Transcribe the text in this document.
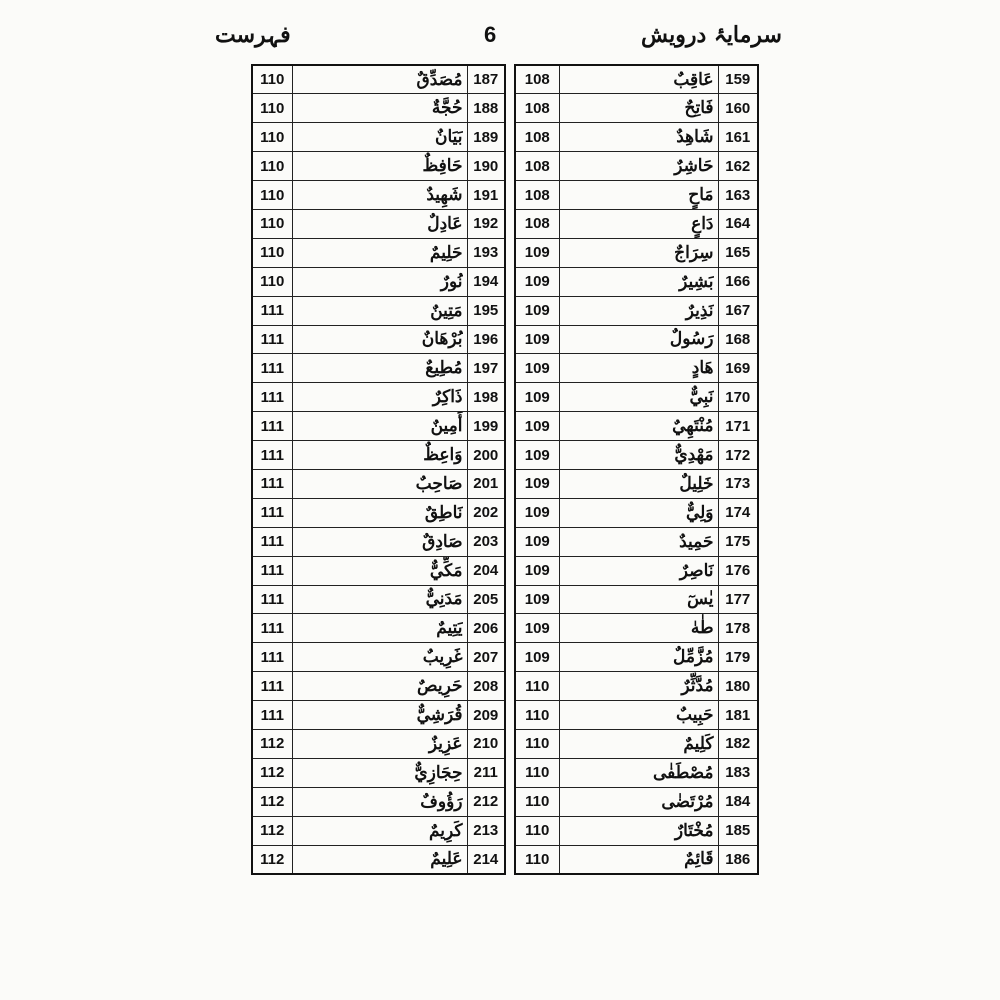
فہرست	6	سرمایۂ درویش
110	مُصَدِّقٌ	187
110	حُجَّةٌ	188
110	بَيَانٌ	189
110	حَافِظٌ	190
110	شَهِيدٌ	191
110	عَادِلٌ	192
110	حَلِيمٌ	193
110	نُورٌ	194
111	مَتِينٌ	195
111	بُرْهَانٌ	196
111	مُطِيعٌ	197
111	ذَاكِرٌ	198
111	أَمِينٌ	199
111	وَاعِظٌ	200
111	صَاحِبٌ	201
111	نَاطِقٌ	202
111	صَادِقٌ	203
111	مَكِّيٌّ	204
111	مَدَنِيٌّ	205
111	يَتِيمٌ	206
111	غَرِيبٌ	207
111	حَرِيصٌ	208
111	قُرَشِيٌّ	209
112	عَزِيزٌ	210
112	حِجَازِيٌّ	211
112	رَؤُوفٌ	212
112	كَرِيمٌ	213
112	عَلِيمٌ	214
108	عَاقِبٌ	159
108	فَاتِحٌ	160
108	شَاهِدٌ	161
108	حَاشِرٌ	162
108	مَاحٍ	163
108	دَاعٍ	164
109	سِرَاجٌ	165
109	بَشِيرٌ	166
109	نَذِيرٌ	167
109	رَسُولٌ	168
109	هَادٍ	169
109	نَبِيٌّ	170
109	مُنْتَهِيٌ	171
109	مَهْدِيٌّ	172
109	خَلِيلٌ	173
109	وَلِيٌّ	174
109	حَمِيدٌ	175
109	نَاصِرٌ	176
109	يٰسٓ	177
109	طٰهٰ	178
109	مُزَّمِّلٌ	179
110	مُدَّثِّرٌ	180
110	حَبِيبٌ	181
110	كَلِيمٌ	182
110	مُصْطَفٰى	183
110	مُرْتَضٰى	184
110	مُخْتَارٌ	185
110	قَائِمٌ	186
